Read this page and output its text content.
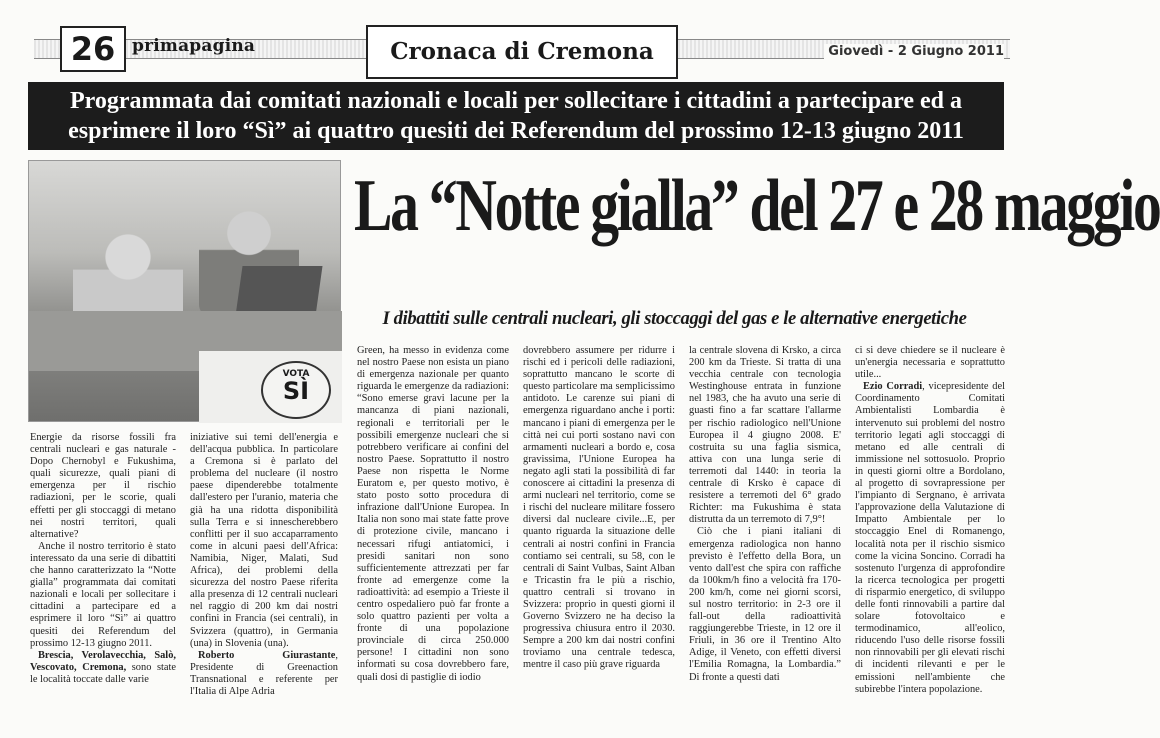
26 primapagina	Cronaca di Cremona	Giovedì - 2 Giugno 2011
Programmata dai comitati nazionali e locali per sollecitare i cittadini a partecipare ed a
esprimere il loro “Sì” ai quattro quesiti dei Referendum del prossimo 12-13 giugno 2011
VOTA
SÌ
La “Notte gialla” del 27 e 28 maggio
I dibattiti sulle centrali nucleari, gli stoccaggi del gas e le alternative energetiche

Energie da risorse fossili fra centrali nucleari e gas naturale - Dopo Chernobyl e Fukushima, quali sicurezze, quali piani di emergenza per il rischio radiazioni, per le scorie, quali effetti per gli stoccaggi di metano nei nostri territori, quali alternative?

Anche il nostro territorio è stato interessato da una serie di dibattiti che hanno caratterizzato la “Notte gialla” programmata dai comitati nazionali e locali per sollecitare i cittadini a partecipare ed a esprimere il loro “Sì” ai quattro quesiti dei Referendum del prossimo 12-13 giugno 2011.

Brescia, Verolavecchia, Salò, Vescovato, Cremona, sono state le località toccate dalle varie

iniziative sui temi dell'energia e dell'acqua pubblica. In particolare a Cremona si è parlato del problema del nucleare (il nostro paese dipenderebbe totalmente dall'estero per l'uranio, materia che già ha una ridotta disponibilità sulla Terra e si innescherebbero conflitti per il suo accaparramento come in alcuni paesi dell'Africa: Namibia, Niger, Malati, Sud Africa), dei problemi della sicurezza del nostro Paese riferita alla presenza di 12 centrali nucleari nel raggio di 200 km dai nostri confini in Francia (sei centrali), in Svizzera (quattro), in Germania (una) in Slovenia (una).

Roberto Giurastante, Presidente di Greenaction Transnational e referente per l'Italia di Alpe Adria

Green, ha messo in evidenza come nel nostro Paese non esista un piano di emergenza nazionale per quanto riguarda le emergenze da radiazioni: “Sono emerse gravi lacune per la mancanza di piani nazionali, regionali e territoriali per le possibili emergenze nucleari che si potrebbero verificare ai confini del nostro Paese. Soprattutto il nostro Paese non rispetta le Norme Euratom e, per questo motivo, è stato posto sotto procedura di infrazione dall'Unione Europea. In Italia non sono mai state fatte prove di protezione civile, mancano i necessari rifugi antiatomici, i presidi sanitari non sono sufficientemente attrezzati per far fronte ad emergenze come la radioattività: ad esempio a Trieste il centro ospedaliero può far fronte a solo quattro pazienti per volta a fronte di una popolazione provinciale di circa 250.000 persone! I cittadini non sono informati su cosa dovrebbero fare, quali dosi di pastiglie di iodio

dovrebbero assumere per ridurre i rischi ed i pericoli delle radiazioni, soprattutto mancano le scorte di questo particolare ma semplicissimo antidoto. Le carenze sui piani di emergenza riguardano anche i porti: mancano i piani di emergenza per le città nei cui porti sostano navi con armamenti nucleari a bordo e, cosa gravissima, l'Unione Europea ha negato agli stati la possibilità di far conoscere ai cittadini la presenza di armi nucleari nel territorio, come se i rischi del nucleare militare fossero diversi dal nucleare civile...E, per quanto riguarda la situazione delle centrali ai nostri confini in Francia contiamo sei centrali, su 58, con le centrali di Saint Vulbas, Saint Alban e Tricastin fra le più a rischio, quattro centrali si trovano in Svizzera: proprio in questi giorni il Governo Svizzero ne ha deciso la progressiva chiusura entro il 2030. Sempre a 200 km dai nostri confini troviamo una centrale tedesca, mentre il caso più grave riguarda

la centrale slovena di Krsko, a circa 200 km da Trieste. Si tratta di una vecchia centrale con tecnologia Westinghouse entrata in funzione nel 1983, che ha avuto una serie di guasti fino a far scattare l'allarme per rischio radiologico nell'Unione Europea il 4 giugno 2008. E' costruita su una faglia sismica, attiva con una lunga serie di terremoti dal 1440: in teoria la centrale di Krsko è capace di resistere a terremoti del 6° grado Richter: ma Fukushima è stata distrutta da un terremoto di 7,9°!

Ciò che i piani italiani di emergenza radiologica non hanno previsto è l'effetto della Bora, un vento dall'est che spira con raffiche da 100km/h fino a velocità fra 170-200 km/h, come nei giorni scorsi, sul nostro territorio: in 2-3 ore il fall-out della radioattività raggiungerebbe Trieste, in 12 ore il Friuli, in 36 ore il Trentino Alto Adige, il Veneto, con effetti diversi l'Emilia Romagna, la Lombardia.” Di fronte a questi dati

ci si deve chiedere se il nucleare è un'energia necessaria e soprattutto utile...

Ezio Corradi, vicepresidente del Coordinamento Comitati Ambientalisti Lombardia è intervenuto sui problemi del nostro territorio legati agli stoccaggi di metano ed alle centrali di immissione nel sottosuolo. Proprio in questi giorni oltre a Bordolano, al progetto di sovrapressione per l'impianto di Sergnano, è arrivata l'approvazione della Valutazione di Impatto Ambientale per lo stoccaggio Enel di Romanengo, località nota per il rischio sismico come la vicina Soncino. Corradi ha sostenuto l'urgenza di approfondire la ricerca tecnologica per progetti di risparmio energetico, di sviluppo delle fonti rinnovabili a partire dal solare fotovoltaico e termodinamico, all'eolico, riducendo l'uso delle risorse fossili non rinnovabili per gli elevati rischi di incidenti rilevanti e per le emissioni nell'ambiente che subirebbe l'intera popolazione.
